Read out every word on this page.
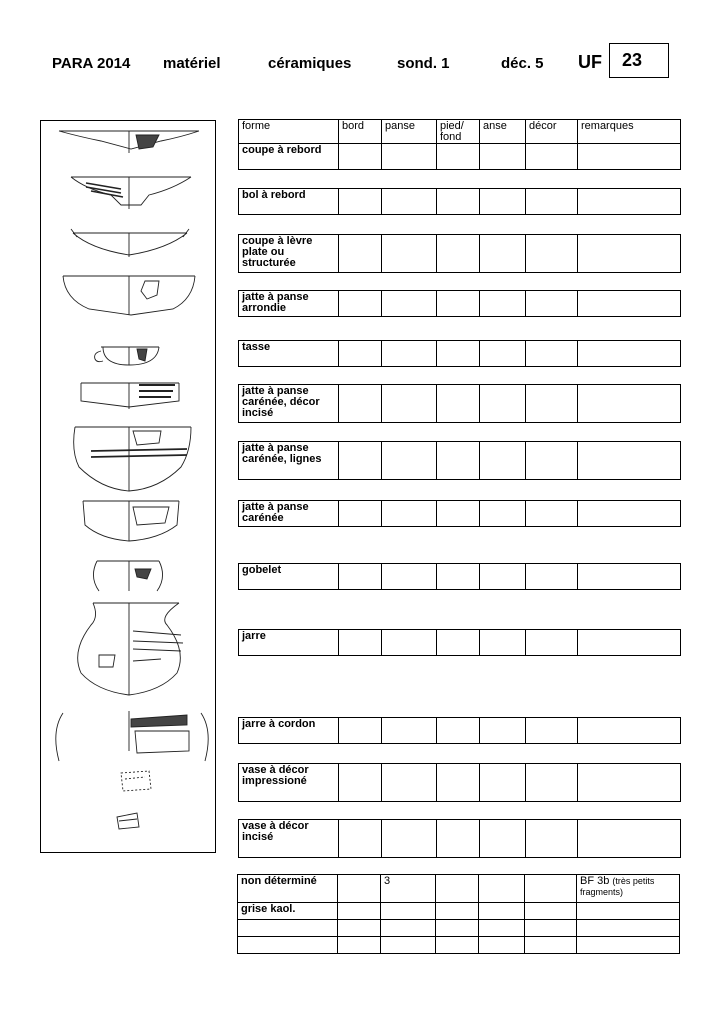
PARA 2014 matériel	céramiques	sond. 1	déc. 5 UF	23
forme	bord	panse	pied/ fond	anse	décor	remarques
coupe à rebord						
bol à rebord						
coupe à lèvre plate ou structurée						
jatte à panse arrondie						
tasse						
jatte à panse carénée, décor incisé						
jatte à panse carénée, lignes						
jatte à panse carénée						
gobelet						
jarre						
jarre à cordon						
vase à décor impressioné						
vase à décor incisé						
non déterminé		3				BF 3b (très petits fragments)
grise kaol.						
